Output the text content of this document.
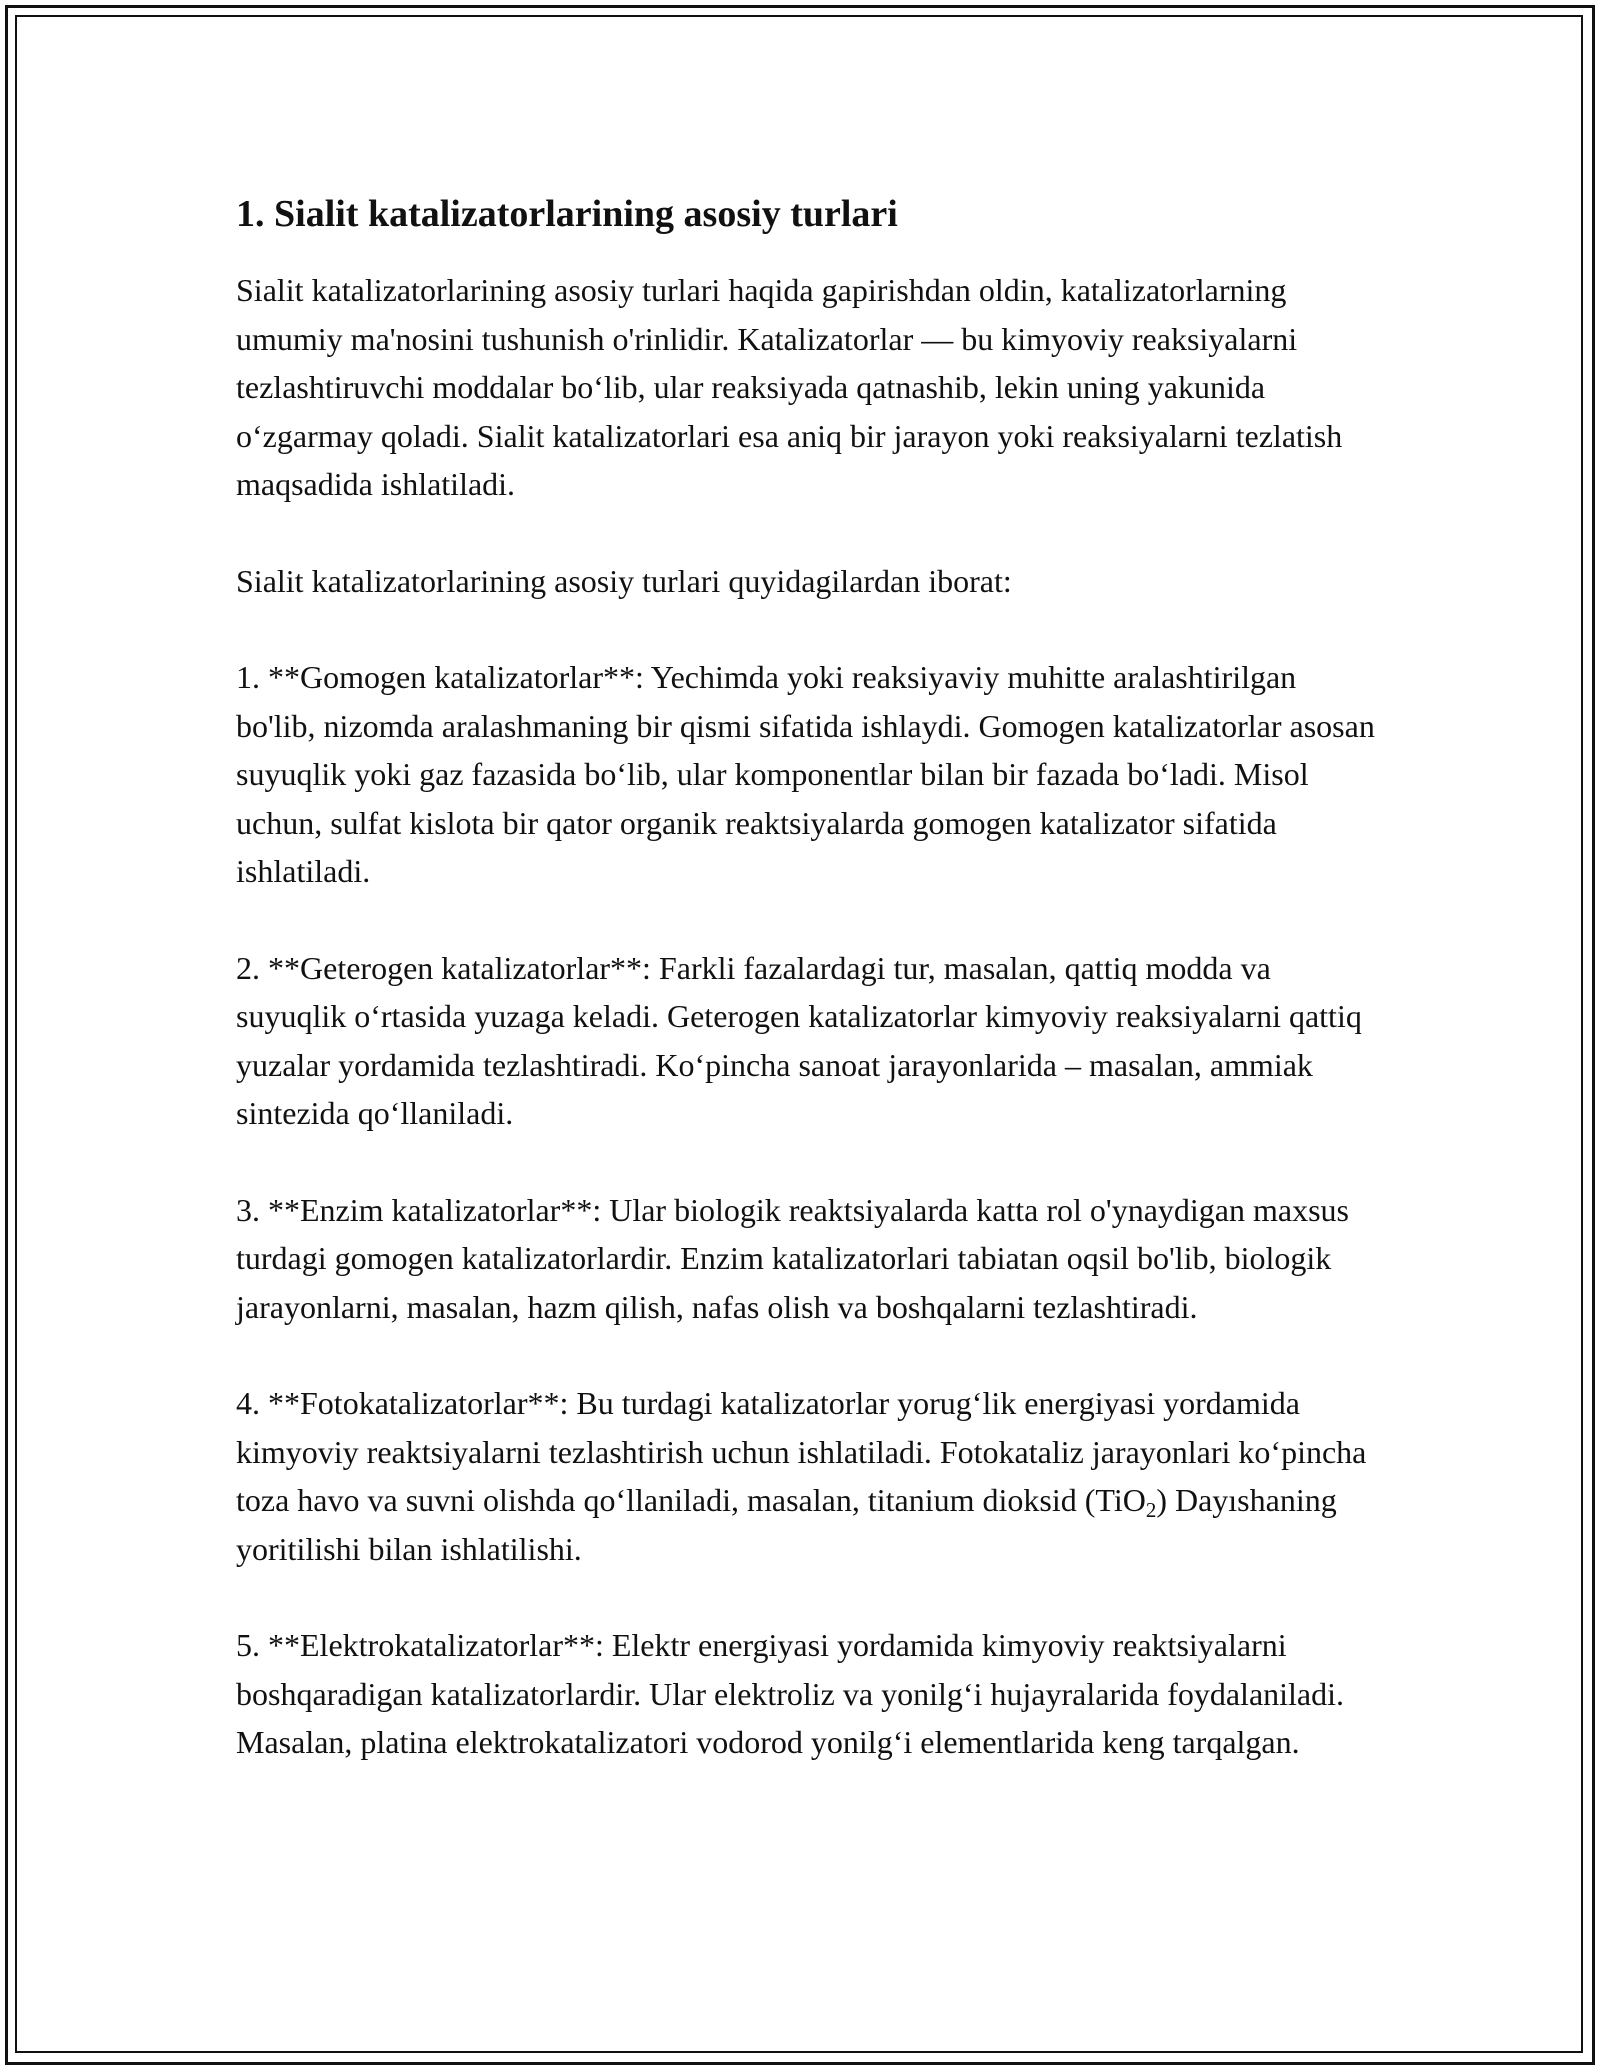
1. Sialit katalizatorlarining asosiy turlari

Sialit katalizatorlarining asosiy turlari haqida gapirishdan oldin, katalizatorlarning umumiy ma'nosini tushunish o'rinlidir. Katalizatorlar — bu kimyoviy reaksiyalarni tezlashtiruvchi moddalar bo‘lib, ular reaksiyada qatnashib, lekin uning yakunida o‘zgarmay qoladi. Sialit katalizatorlari esa aniq bir jarayon yoki reaksiyalarni tezlatish maqsadida ishlatiladi.

Sialit katalizatorlarining asosiy turlari quyidagilardan iborat:

1. **Gomogen katalizatorlar**: Yechimda yoki reaksiyaviy muhitte aralashtirilgan bo'lib, nizomda aralashmaning bir qismi sifatida ishlaydi. Gomogen katalizatorlar asosan suyuqlik yoki gaz fazasida bo‘lib, ular komponentlar bilan bir fazada bo‘ladi. Misol uchun, sulfat kislota bir qator organik reaktsiyalarda gomogen katalizator sifatida ishlatiladi.

2. **Geterogen katalizatorlar**: Farkli fazalardagi tur, masalan, qattiq modda va suyuqlik o‘rtasida yuzaga keladi. Geterogen katalizatorlar kimyoviy reaksiyalarni qattiq yuzalar yordamida tezlashtiradi. Ko‘pincha sanoat jarayonlarida – masalan, ammiak sintezida qo‘llaniladi.

3. **Enzim katalizatorlar**: Ular biologik reaktsiyalarda katta rol o'ynaydigan maxsus turdagi gomogen katalizatorlardir. Enzim katalizatorlari tabiatan oqsil bo'lib, biologik jarayonlarni, masalan, hazm qilish, nafas olish va boshqalarni tezlashtiradi.

4. **Fotokatalizatorlar**: Bu turdagi katalizatorlar yorug‘lik energiyasi yordamida kimyoviy reaktsiyalarni tezlashtirish uchun ishlatiladi. Fotokataliz jarayonlari ko‘pincha toza havo va suvni olishda qo‘llaniladi, masalan, titanium dioksid (TiO$_2$) Dayıshaning yoritilishi bilan ishlatilishi.

5. **Elektrokatalizatorlar**: Elektr energiyasi yordamida kimyoviy reaktsiyalarni boshqaradigan katalizatorlardir. Ular elektroliz va yonilg‘i hujayralarida foydalaniladi. Masalan, platina elektrokatalizatori vodorod yonilg‘i elementlarida keng tarqalgan.
